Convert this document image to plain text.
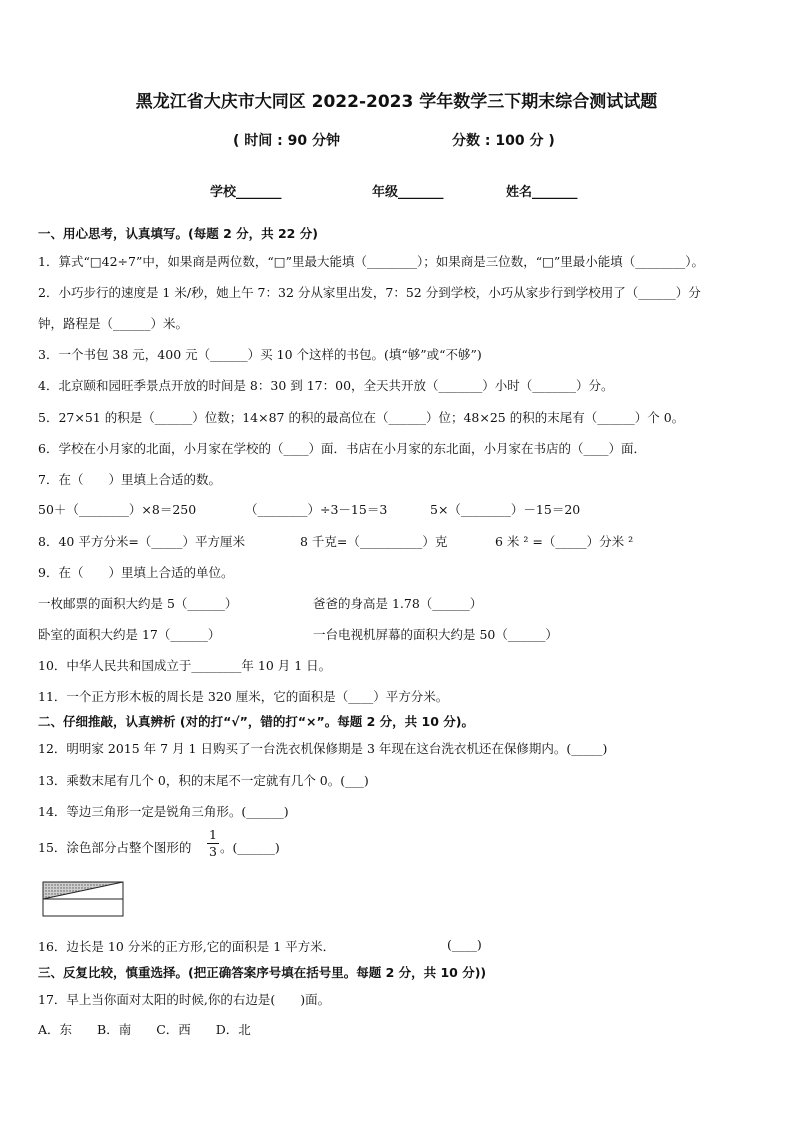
黑龙江省大庆市大同区 2022-2023 学年数学三下期末综合测试试题
( 时间 : 90 分钟	分数 : 100 分 )
学校_______	年级_______	姓名_______
一、用心思考，认真填写。(每题 2 分，共 22 分)
1．算式“□42÷7”中，如果商是两位数，“□”里最大能填（________）；如果商是三位数，“□”里最小能填（________）。
2．小巧步行的速度是 1 米/秒，她上午 7：32 分从家里出发，7：52 分到学校，小巧从家步行到学校用了（______）分
钟，路程是（______）米。
3．一个书包 38 元，400 元（______）买 10 个这样的书包。(填“够”或“不够”)
4．北京颐和园旺季景点开放的时间是 8：30 到 17：00，全天共开放（_______）小时（_______）分。
5．27×51 的积是（______）位数；14×87 的积的最高位在（______）位；48×25 的积的末尾有（______）个 0。
6．学校在小月家的北面，小月家在学校的（____）面．书店在小月家的东北面，小月家在书店的（____）面．
7．在（　　）里填上合适的数。
50＋（________）×8＝250	（________）÷3－15＝3	5×（________）－15＝20
8．40 平方分米=（_____）平方厘米	8 千克=（__________）克	6 米 ² =（_____）分米 ²
9．在（　　）里填上合适的单位。
一枚邮票的面积大约是 5（______）	爸爸的身高是 1.78（______）
卧室的面积大约是 17（______）	一台电视机屏幕的面积大约是 50（______）
10．中华人民共和国成立于________年 10 月 1 日。
11．一个正方形木板的周长是 320 厘米，它的面积是（____）平方分米。
二、仔细推敲，认真辨析 (对的打“√”，错的打“×”。每题 2 分，共 10 分)。
12．明明家 2015 年 7 月 1 日购买了一台洗衣机保修期是 3 年现在这台洗衣机还在保修期内。(_____)
13．乘数末尾有几个 0，积的末尾不一定就有几个 0。(___)
14．等边三角形一定是锐角三角形。(______)
15．涂色部分占整个图形的
1
3 。(______)
16．边长是 10 分米的正方形,它的面积是 1 平方米．	(____)
三、反复比较，慎重选择。(把正确答案序号填在括号里。每题 2 分，共 10 分))
17．早上当你面对太阳的时候,你的右边是(　　)面。
A．东　　B．南　　C．西　　D．北
